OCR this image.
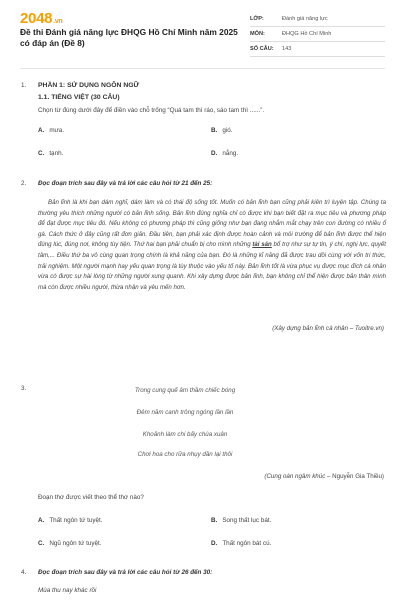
2048.vn
Đề thi Đánh giá năng lực ĐHQG Hồ Chí Minh năm 2025 có đáp án (Đề 8)
LỚP:	Đánh giá năng lực
MÔN:	ĐHQG Hồ Chí Minh
SỐ CÂU:	143
1. PHẦN 1: SỬ DỤNG NGÔN NGỮ
1.1. TIẾNG VIỆT (30 CÂU)
Chọn từ đúng dưới đây để điền vào chỗ trống “Quá tam thì ráo, sáo tam thì ......”.
A. mưa.	B. gió.
C. tạnh.	D. nắng.
2. Đọc đoạn trích sau đây và trả lời các câu hỏi từ 21 đến 25:
Bản lĩnh là khi bạn dám nghĩ, dám làm và có thái độ sống tốt. Muốn có bản lĩnh bạn cũng phải kiên trì luyện tập. Chúng ta thường yêu thích những người có bản lĩnh sống. Bản lĩnh đúng nghĩa chỉ có được khi bạn biết đặt ra mục tiêu và phương pháp để đạt được mục tiêu đó. Nếu không có phương pháp thì cũng giống như bạn đang nhắm mắt chạy trên con đường có nhiều ổ gà. Cách thức ở đây cũng rất đơn giản. Đầu tiên, bạn phải xác định được hoàn cảnh và môi trường để bản lĩnh được thể hiện đúng lúc, đúng nơi, không tùy tiện. Thứ hai bạn phải chuẩn bị cho mình những tài sản bổ trợ như sự tự tin, ý chí, nghị lực, quyết tâm,... Điều thứ ba vô cùng quan trọng chính là khả năng của bạn. Đó là những kĩ năng đã được trau dồi cùng với vốn tri thức, trải nghiệm. Một người mạnh hay yếu quan trọng là tùy thuộc vào yếu tố này. Bản lĩnh tốt là vừa phục vụ được mục đích cá nhân vừa có được sự hài lòng từ những người xung quanh. Khi xây dựng được bản lĩnh, bạn không chỉ thể hiện được bản thân mình mà còn được nhiều người, thừa nhận và yêu mến hơn.
(Xây dựng bản lĩnh cá nhân – Tuoitre.vn)
3.	Trong cung quế âm thầm chiếc bóng
Đêm năm canh trông ngóng lần lần
Khoảnh làm chi bấy chúa xuân
Chơi hoa cho rữa nhụy dần lại thôi
(Cung oán ngâm khúc – Nguyễn Gia Thiều)
Đoạn thơ được viết theo thể thơ nào?
A. Thất ngôn tứ tuyệt.	B. Song thất lục bát.
C. Ngũ ngôn tứ tuyệt.	D. Thất ngôn bát cú.
4. Đọc đoạn trích sau đây và trả lời các câu hỏi từ 26 đến 30:
Mùa thu nay khác rồi
